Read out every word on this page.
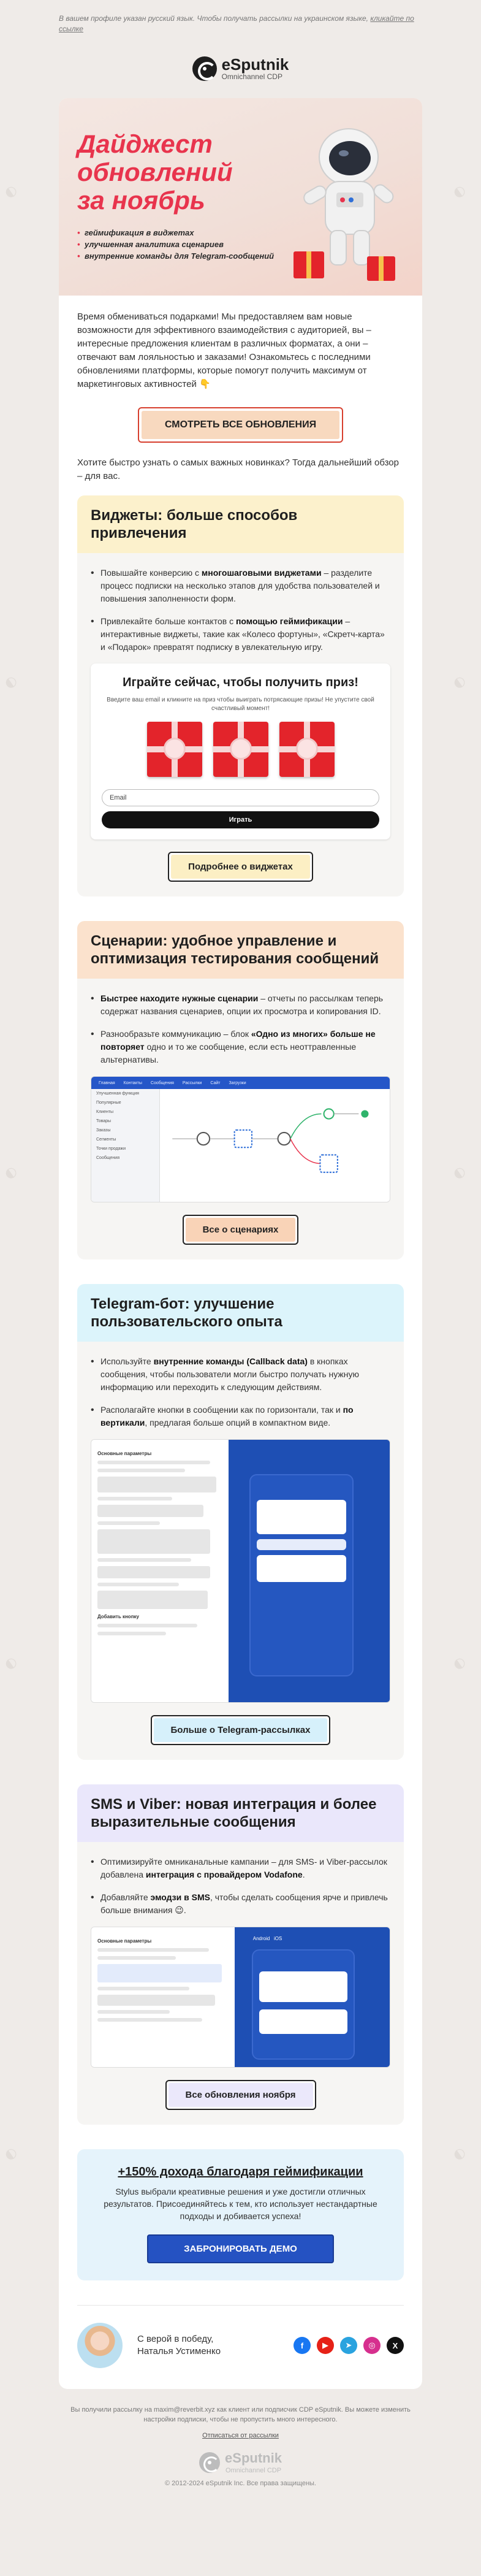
◐	◐
◐	◐
◐	◐
◐	◐
◐	◐
В вашем профиле указан русский язык. Чтобы получать рассылки на украинском языке, кликайте по ссылке
eSputnik
Omnichannel CDP
Дайджест
обновлений
за ноябрь
• геймификация в виджетах
• улучшенная аналитика сценариев
• внутренние команды для Telegram-сообщений
Время обмениваться подарками! Мы предоставляем вам новые возможности для эффективного взаимодействия с аудиторией, вы – интересные предложения клиентам в различных форматах, а они – отвечают вам лояльностью и заказами! Ознакомьтесь с последними обновлениями платформы, которые помогут получить максимум от маркетинговых активностей 👇
СМОТРЕТЬ ВСЕ ОБНОВЛЕНИЯ
Хотите быстро узнать о самых важных новинках? Тогда дальнейший обзор – для вас.
Виджеты: больше способов привлечения
• Повышайте конверсию с многошаговыми виджетами – разделите процесс подписки на несколько этапов для удобства пользователей и повышения заполненности форм.
• Привлекайте больше контактов с помощью геймификации – интерактивные виджеты, такие как «Колесо фортуны», «Скретч-карта» и «Подарок» превратят подписку в увлекательную игру.
Играйте сейчас, чтобы получить приз!
Введите ваш email и кликните на приз чтобы выиграть потрясающие призы! Не упустите свой счастливый момент!
Email
Играть
Подробнее о виджетах
Сценарии: удобное управление и оптимизация тестирования сообщений
• Быстрее находите нужные сценарии – отчеты по рассылкам теперь содержат названия сценариев, опции их просмотра и копирования ID.
• Разнообразьте коммуникацию – блок «Одно из многих» больше не повторяет одно и то же сообщение, если есть неоттравленные альтернативы.
Главная Контакты Сообщения Рассылки Сайт Загрузки
Улучшенная функция
Популярные
Клиенты
Товары
Заказы
Сегменты
Точки продажи
Сообщения
Все о сценариях
Telegram-бот: улучшение пользовательского опыта
• Используйте внутренние команды (Callback data) в кнопках сообщения, чтобы пользователи могли быстро получать нужную информацию или переходить к следующим действиям.
• Располагайте кнопки в сообщении как по горизонтали, так и по вертикали, предлагая больше опций в компактном виде.
Основные параметры
Добавить кнопку
Больше о Telegram-рассылках
SMS и Viber: новая интеграция и более выразительные сообщения
• Оптимизируйте омниканальные кампании – для SMS- и Viber-рассылок добавлена интеграция с провайдером Vodafone.
• Добавляйте эмодзи в SMS, чтобы сделать сообщения ярче и привлечь больше внимания 😉.
Основные параметры	Android iOS
Все обновления ноября
+150% дохода благодаря геймификации
Stylus выбрали креативные решения и уже достигли отличных результатов. Присоединяйтесь к тем, кто использует нестандартные подходы и добивается успеха!
ЗАБРОНИРОВАТЬ ДЕМО
С верой в победу,
Наталья Устименко
f	▶	➤	◎	X
Вы получили рассылку на maxim@reverbit.xyz как клиент или подписчик CDP eSputnik. Вы можете изменить настройки подписки, чтобы не пропустить много интересного.
Отписаться от рассылки
eSputnik
Omnichannel CDP
© 2012-2024 eSputnik Inc. Все права защищены.
